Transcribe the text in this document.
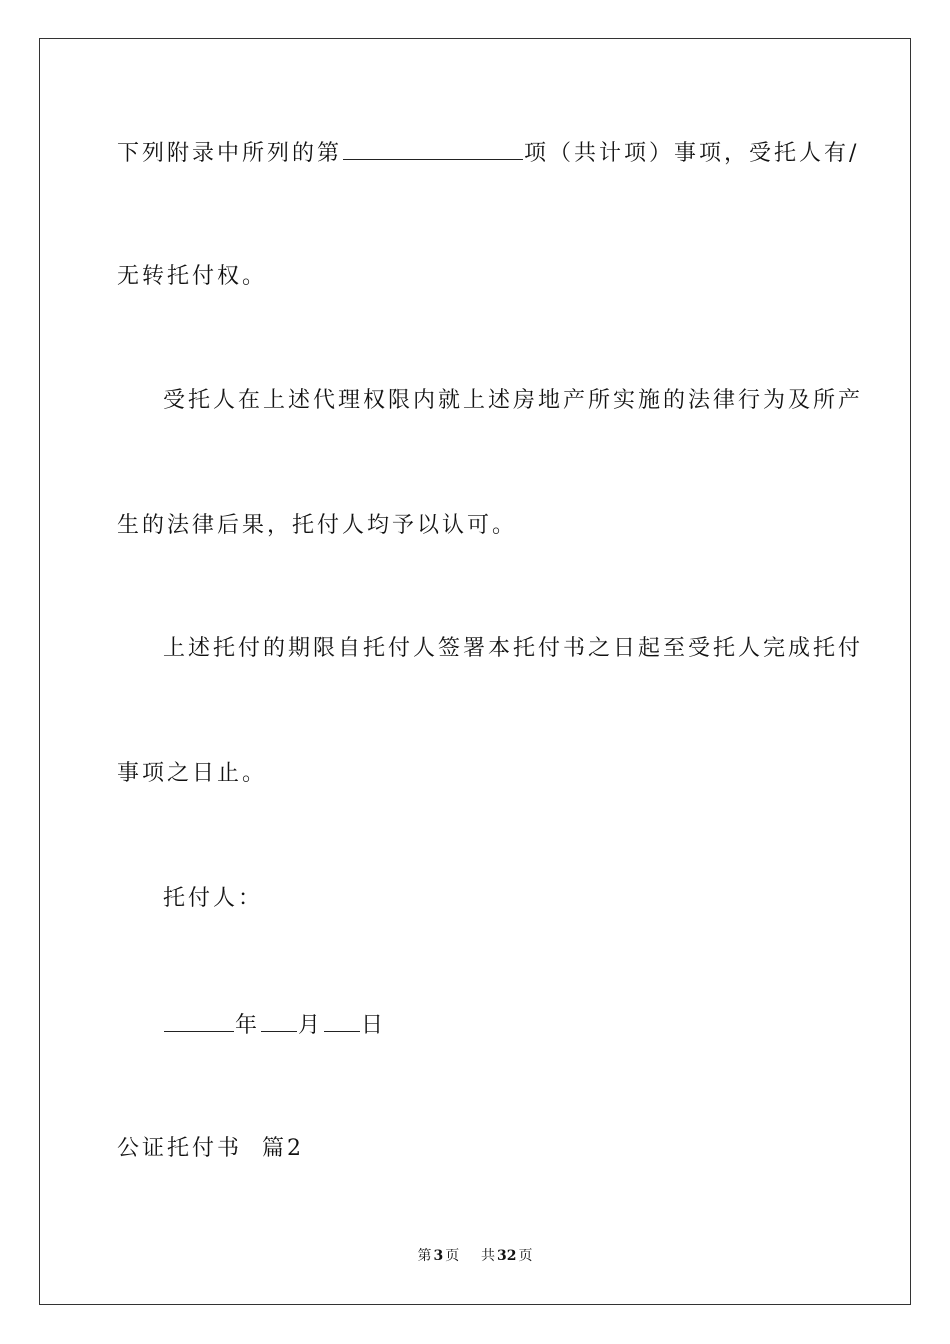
下列附录中所列的第	项（共计项）事项，受托人有/
无转托付权。
受托人在上述代理权限内就上述房地产所实施的法律行为及所产
生的法律后果，托付人均予以认可。
上述托付的期限自托付人签署本托付书之日起至受托人完成托付
事项之日止。
托付人：
年 月 日
公证托付书  篇2
第 3 页 共 32 页
